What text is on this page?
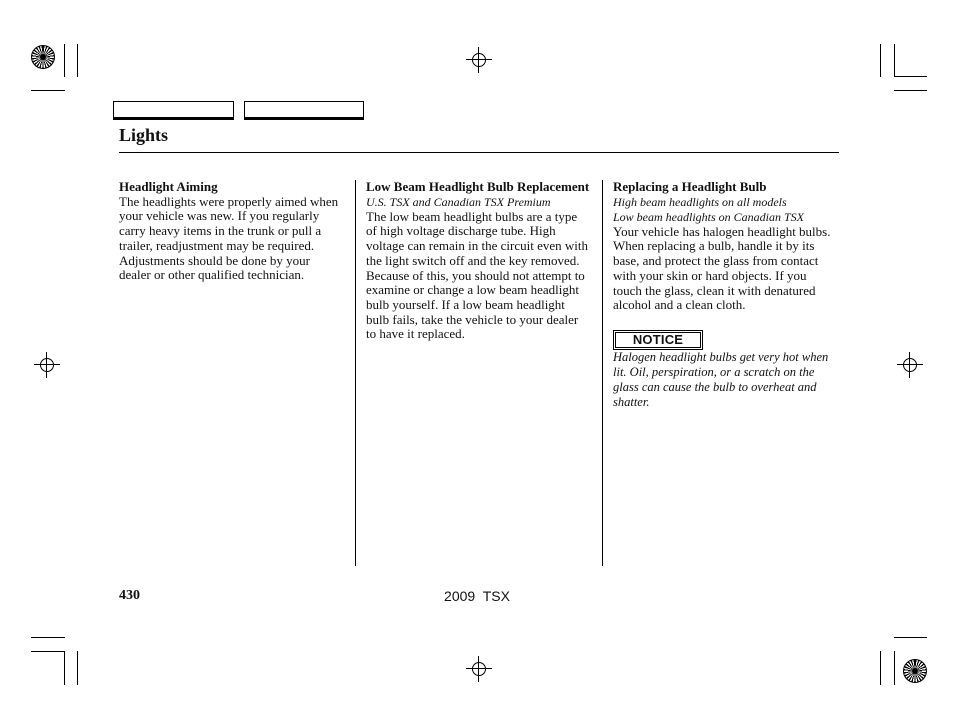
Lights
Headlight Aiming

The headlights were properly aimed when your vehicle was new. If you regularly carry heavy items in the trunk or pull a trailer, readjustment may be required. Adjustments should be done by your dealer or other qualified technician.

Low Beam Headlight Bulb Replacement
U.S. TSX and Canadian TSX Premium

The low beam headlight bulbs are a type of high voltage discharge tube. High voltage can remain in the circuit even with the light switch off and the key removed. Because of this, you should not attempt to examine or change a low beam headlight bulb yourself. If a low beam headlight bulb fails, take the vehicle to your dealer to have it replaced.

Replacing a Headlight Bulb
High beam headlights on all models
Low beam headlights on Canadian TSX

Your vehicle has halogen headlight bulbs. When replacing a bulb, handle it by its base, and protect the glass from contact with your skin or hard objects. If you touch the glass, clean it with denatured alcohol and a clean cloth.

NOTICE

Halogen headlight bulbs get very hot when lit. Oil, perspiration, or a scratch on the glass can cause the bulb to overheat and shatter.

430	2009  TSX
